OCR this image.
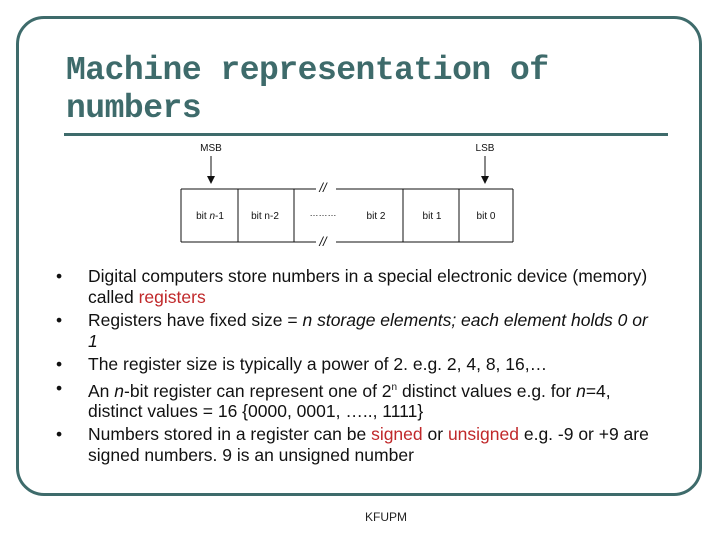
Machine representation of numbers
MSB	LSB
//
//
bit n-1	bit n-2	………	bit 2	bit 1	bit 0
• Digital computers store numbers in a special electronic device (memory) called registers
• Registers have fixed size = n storage elements; each element holds 0 or 1
• The register size is typically a power of 2. e.g. 2, 4, 8, 16,…
• An n-bit register can represent one of 2$^n$ distinct values e.g. for n=4, distinct values = 16 {0000, 0001, ….., 1111}
• Numbers stored in a register can be signed or unsigned e.g. -9 or +9 are signed numbers. 9 is an unsigned number
KFUPM
